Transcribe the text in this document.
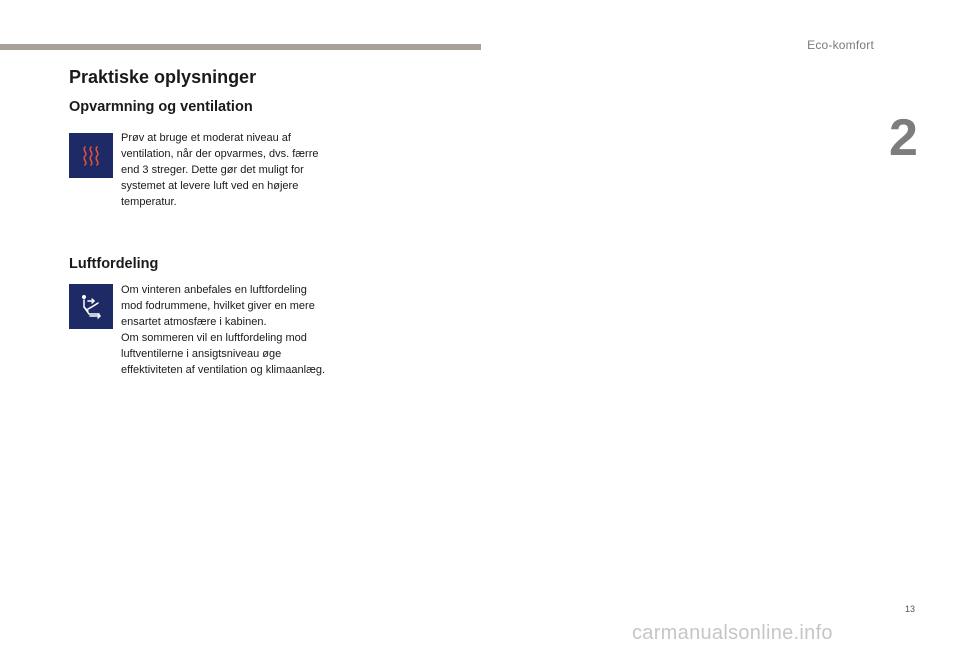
Eco-komfort
2
Praktiske oplysninger
Opvarmning og ventilation

Prøv at bruge et moderat niveau af ventilation, når der opvarmes, dvs. færre end 3 streger. Dette gør det muligt for systemet at levere luft ved en højere temperatur.

Luftfordeling

Om vinteren anbefales en luftfordeling mod fodrummene, hvilket giver en mere ensartet atmosfære i kabinen.

Om sommeren vil en luftfordeling mod luftventilerne i ansigtsniveau øge effektiviteten af ventilation og klimaanlæg.

13
carmanualsonline.info
